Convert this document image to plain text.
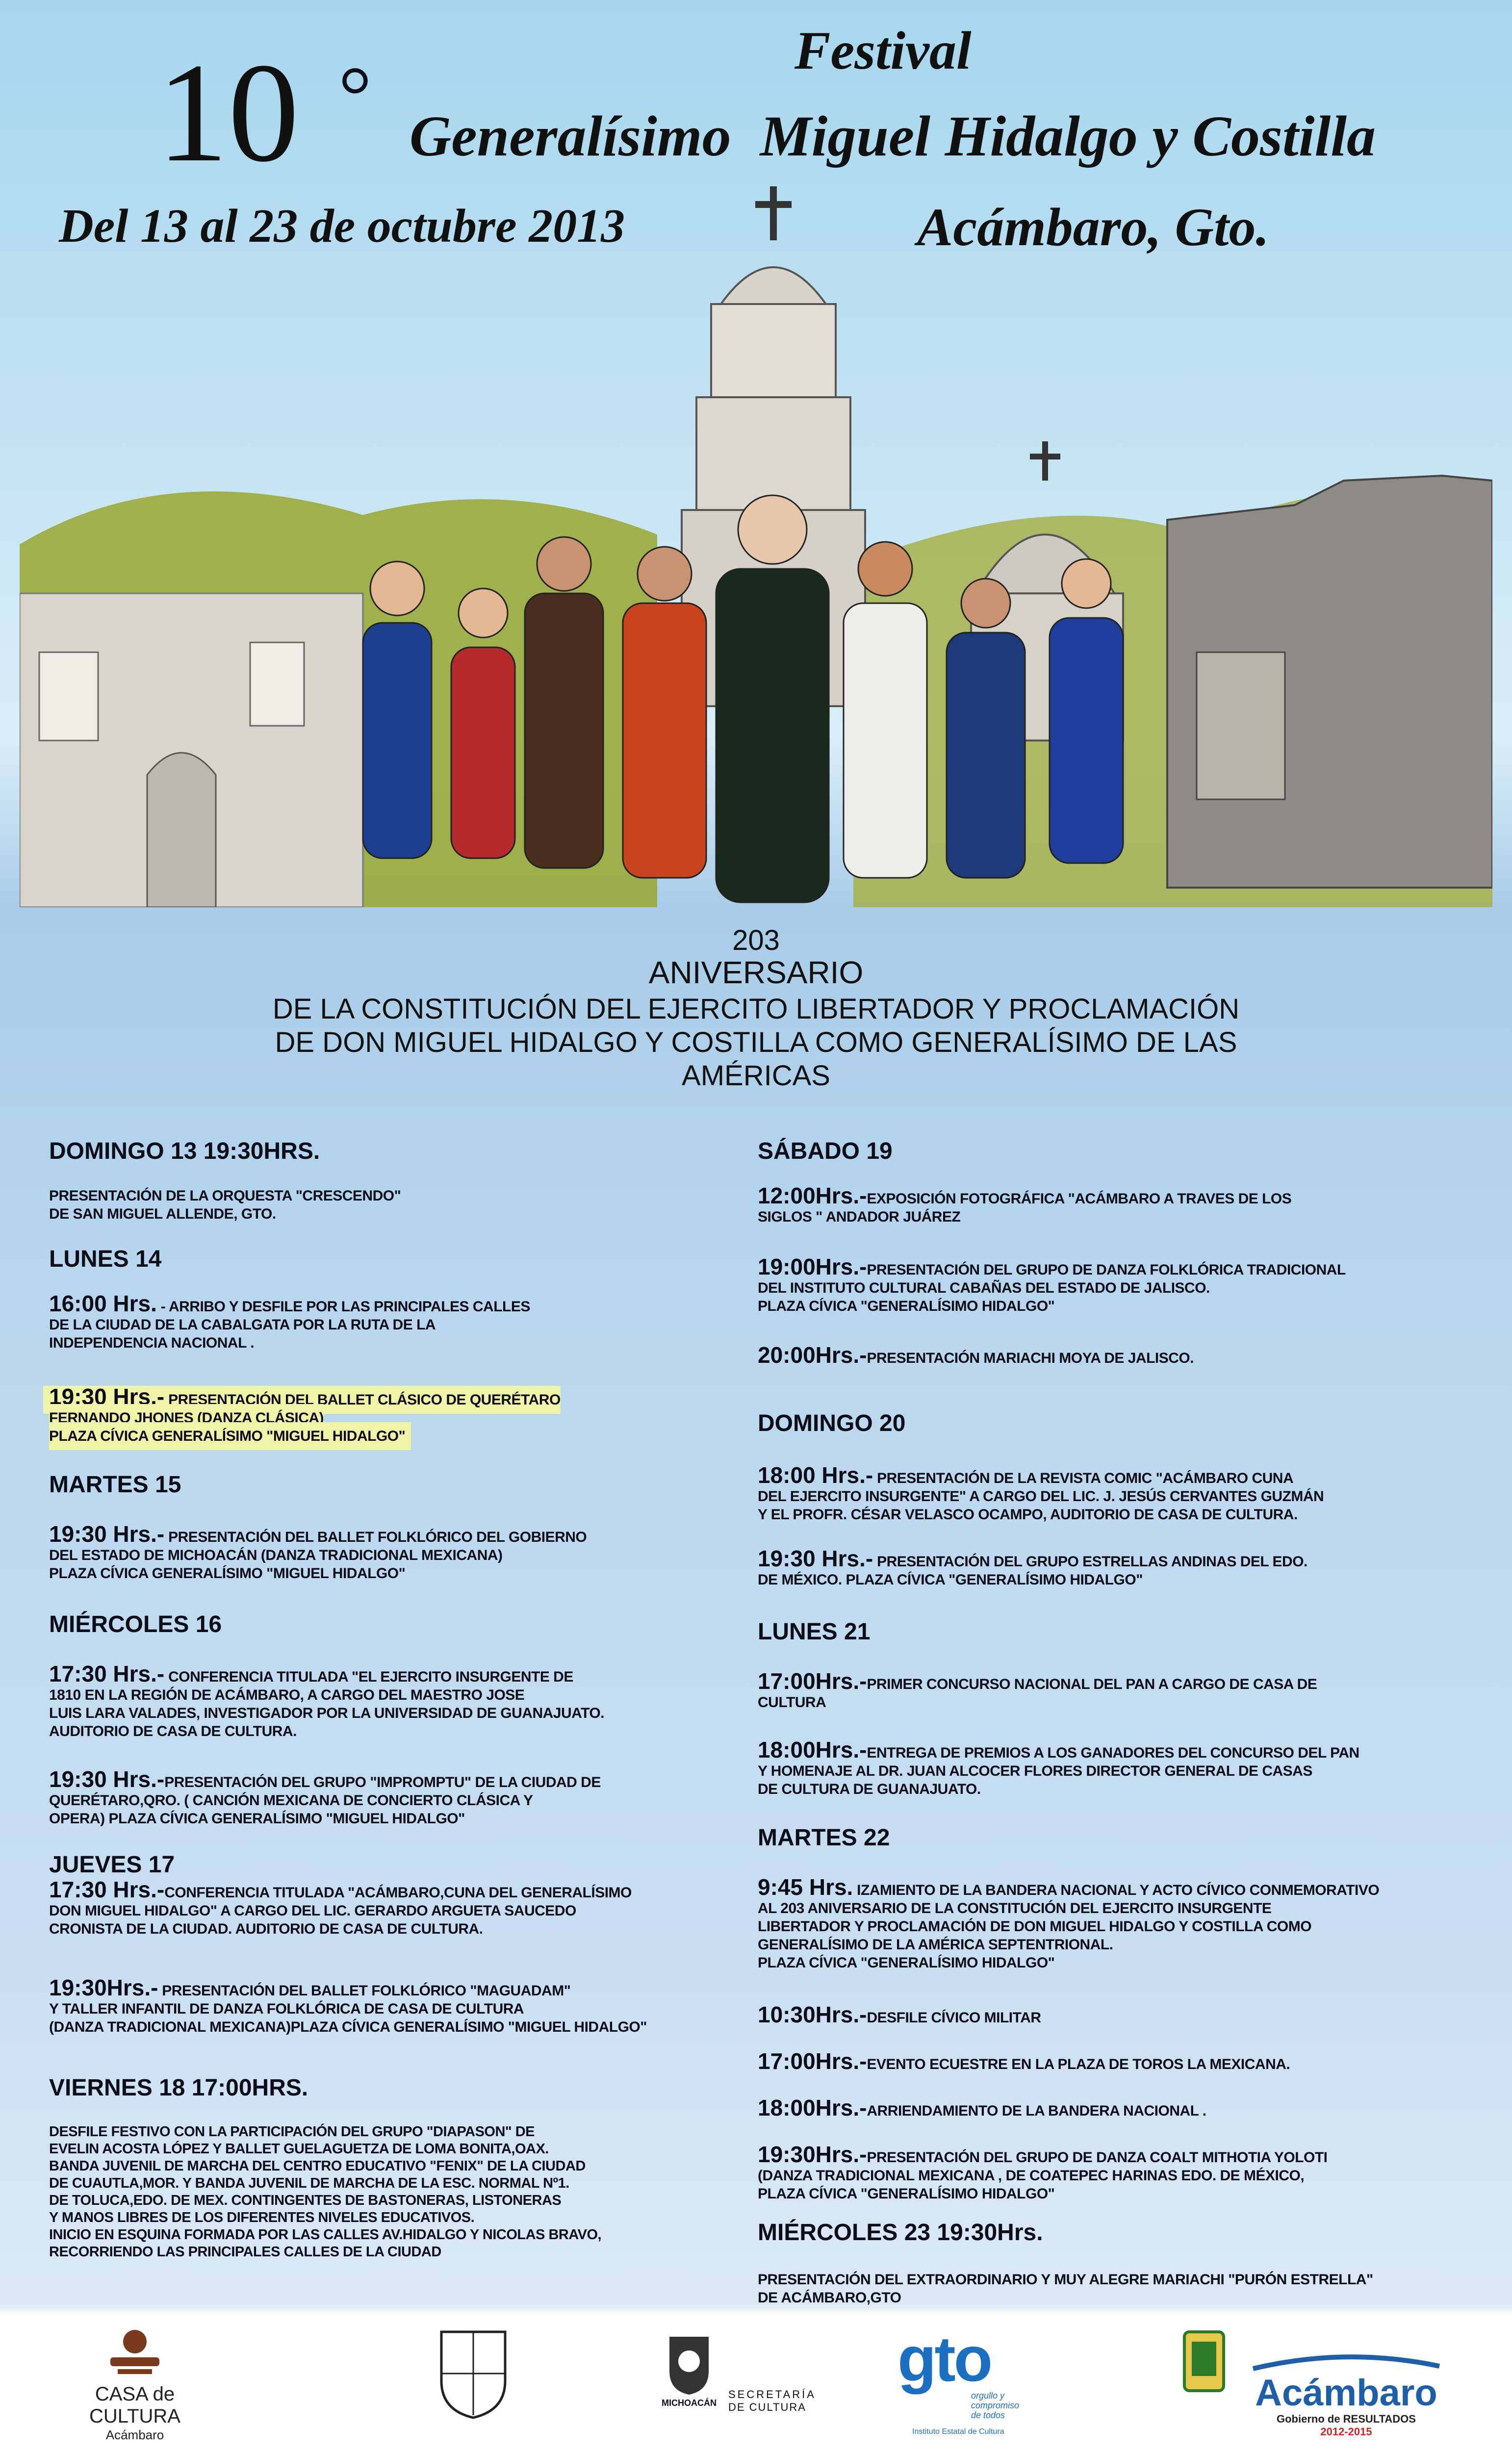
10 °	Festival
Generalísimo  Miguel Hidalgo y Costilla
Del 13 al 23 de octubre 2013	Acámbaro, Gto.
203
ANIVERSARIO
DE LA CONSTITUCIÓN DEL EJERCITO LIBERTADOR Y PROCLAMACIÓN
DE DON MIGUEL HIDALGO Y COSTILLA COMO GENERALÍSIMO DE LAS
AMÉRICAS

DOMINGO 13 19:30HRS.

PRESENTACIÓN DE LA ORQUESTA "CRESCENDO"
DE SAN MIGUEL ALLENDE, GTO.

LUNES 14

16:00 Hrs. - ARRIBO Y DESFILE POR LAS PRINCIPALES CALLES
DE LA CIUDAD DE LA CABALGATA POR LA RUTA DE LA
INDEPENDENCIA NACIONAL .

19:30 Hrs.- PRESENTACIÓN DEL BALLET CLÁSICO DE QUERÉTARO
FERNANDO JHONES (DANZA CLÁSICA)
PLAZA CÍVICA GENERALÍSIMO "MIGUEL HIDALGO"

MARTES 15

19:30 Hrs.- PRESENTACIÓN DEL BALLET FOLKLÓRICO DEL GOBIERNO
DEL ESTADO DE MICHOACÁN (DANZA TRADICIONAL MEXICANA)
PLAZA CÍVICA GENERALÍSIMO "MIGUEL HIDALGO"

MIÉRCOLES 16

17:30 Hrs.- CONFERENCIA TITULADA "EL EJERCITO INSURGENTE DE
1810 EN LA REGIÓN DE ACÁMBARO, A CARGO DEL MAESTRO JOSE
LUIS LARA VALADES, INVESTIGADOR POR LA UNIVERSIDAD DE GUANAJUATO.
AUDITORIO DE CASA DE CULTURA.

19:30 Hrs.-PRESENTACIÓN DEL GRUPO "IMPROMPTU" DE LA CIUDAD DE
QUERÉTARO,QRO. ( CANCIÓN MEXICANA DE CONCIERTO CLÁSICA Y
OPERA) PLAZA CÍVICA GENERALÍSIMO "MIGUEL HIDALGO"

JUEVES 17

17:30 Hrs.-CONFERENCIA TITULADA "ACÁMBARO,CUNA DEL GENERALÍSIMO
DON MIGUEL HIDALGO" A CARGO DEL LIC. GERARDO ARGUETA SAUCEDO
CRONISTA DE LA CIUDAD. AUDITORIO DE CASA DE CULTURA.

19:30Hrs.- PRESENTACIÓN DEL BALLET FOLKLÓRICO "MAGUADAM"
Y TALLER INFANTIL DE DANZA FOLKLÓRICA DE CASA DE CULTURA
(DANZA TRADICIONAL MEXICANA)PLAZA CÍVICA GENERALÍSIMO "MIGUEL HIDALGO"

VIERNES 18 17:00HRS.

DESFILE FESTIVO CON LA PARTICIPACIÓN DEL GRUPO "DIAPASON" DE
EVELIN ACOSTA LÓPEZ Y BALLET GUELAGUETZA DE LOMA BONITA,OAX.
BANDA JUVENIL DE MARCHA DEL CENTRO EDUCATIVO "FENIX" DE LA CIUDAD
DE CUAUTLA,MOR. Y BANDA JUVENIL DE MARCHA DE LA ESC. NORMAL Nº1.
DE TOLUCA,EDO. DE MEX. CONTINGENTES DE BASTONERAS, LISTONERAS
Y MANOS LIBRES DE LOS DIFERENTES NIVELES EDUCATIVOS.
INICIO EN ESQUINA FORMADA POR LAS CALLES AV.HIDALGO Y NICOLAS BRAVO,
RECORRIENDO LAS PRINCIPALES CALLES DE LA CIUDAD

SÁBADO 19

12:00Hrs.-EXPOSICIÓN FOTOGRÁFICA "ACÁMBARO A TRAVES DE LOS
SIGLOS " ANDADOR JUÁREZ

19:00Hrs.-PRESENTACIÓN DEL GRUPO DE DANZA FOLKLÓRICA TRADICIONAL
DEL INSTITUTO CULTURAL CABAÑAS DEL ESTADO DE JALISCO.
PLAZA CÍVICA "GENERALÍSIMO HIDALGO"

20:00Hrs.-PRESENTACIÓN MARIACHI MOYA DE JALISCO.

DOMINGO 20

18:00 Hrs.- PRESENTACIÓN DE LA REVISTA COMIC "ACÁMBARO CUNA
DEL EJERCITO INSURGENTE" A CARGO DEL LIC. J. JESÚS CERVANTES GUZMÁN
Y EL PROFR. CÉSAR VELASCO OCAMPO, AUDITORIO DE CASA DE CULTURA.

19:30 Hrs.- PRESENTACIÓN DEL GRUPO ESTRELLAS ANDINAS DEL EDO.
DE MÉXICO. PLAZA CÍVICA "GENERALÍSIMO HIDALGO"

LUNES 21

17:00Hrs.-PRIMER CONCURSO NACIONAL DEL PAN A CARGO DE CASA DE
CULTURA

18:00Hrs.-ENTREGA DE PREMIOS A LOS GANADORES DEL CONCURSO DEL PAN
Y HOMENAJE AL DR. JUAN ALCOCER FLORES DIRECTOR GENERAL DE CASAS
DE CULTURA DE GUANAJUATO.

MARTES 22

9:45 Hrs. IZAMIENTO DE LA BANDERA NACIONAL Y ACTO CÍVICO CONMEMORATIVO
AL 203 ANIVERSARIO DE LA CONSTITUCIÓN DEL EJERCITO INSURGENTE
LIBERTADOR Y PROCLAMACIÓN DE DON MIGUEL HIDALGO Y COSTILLA COMO
GENERALÍSIMO DE LA AMÉRICA SEPTENTRIONAL.
PLAZA CÍVICA "GENERALÍSIMO HIDALGO"

10:30Hrs.-DESFILE CÍVICO MILITAR

17:00Hrs.-EVENTO ECUESTRE EN LA PLAZA DE TOROS LA MEXICANA.

18:00Hrs.-ARRIENDAMIENTO DE LA BANDERA NACIONAL .

19:30Hrs.-PRESENTACIÓN DEL GRUPO DE DANZA COALT MITHOTIA YOLOTI
(DANZA TRADICIONAL MEXICANA , DE COATEPEC HARINAS EDO. DE MÉXICO,
PLAZA CÍVICA "GENERALÍSIMO HIDALGO"

MIÉRCOLES 23 19:30Hrs.

PRESENTACIÓN DEL EXTRAORDINARIO Y MUY ALEGRE MARIACHI "PURÓN ESTRELLA"
DE ACÁMBARO,GTO

CASA de CULTURA
Acámbaro
MICHOACÁN
SECRETARÍA
DE CULTURA
gto
orgullo y
compromiso
de todos
Instituto Estatal de Cultura
Acámbaro
Gobierno de RESULTADOS
2012-2015
